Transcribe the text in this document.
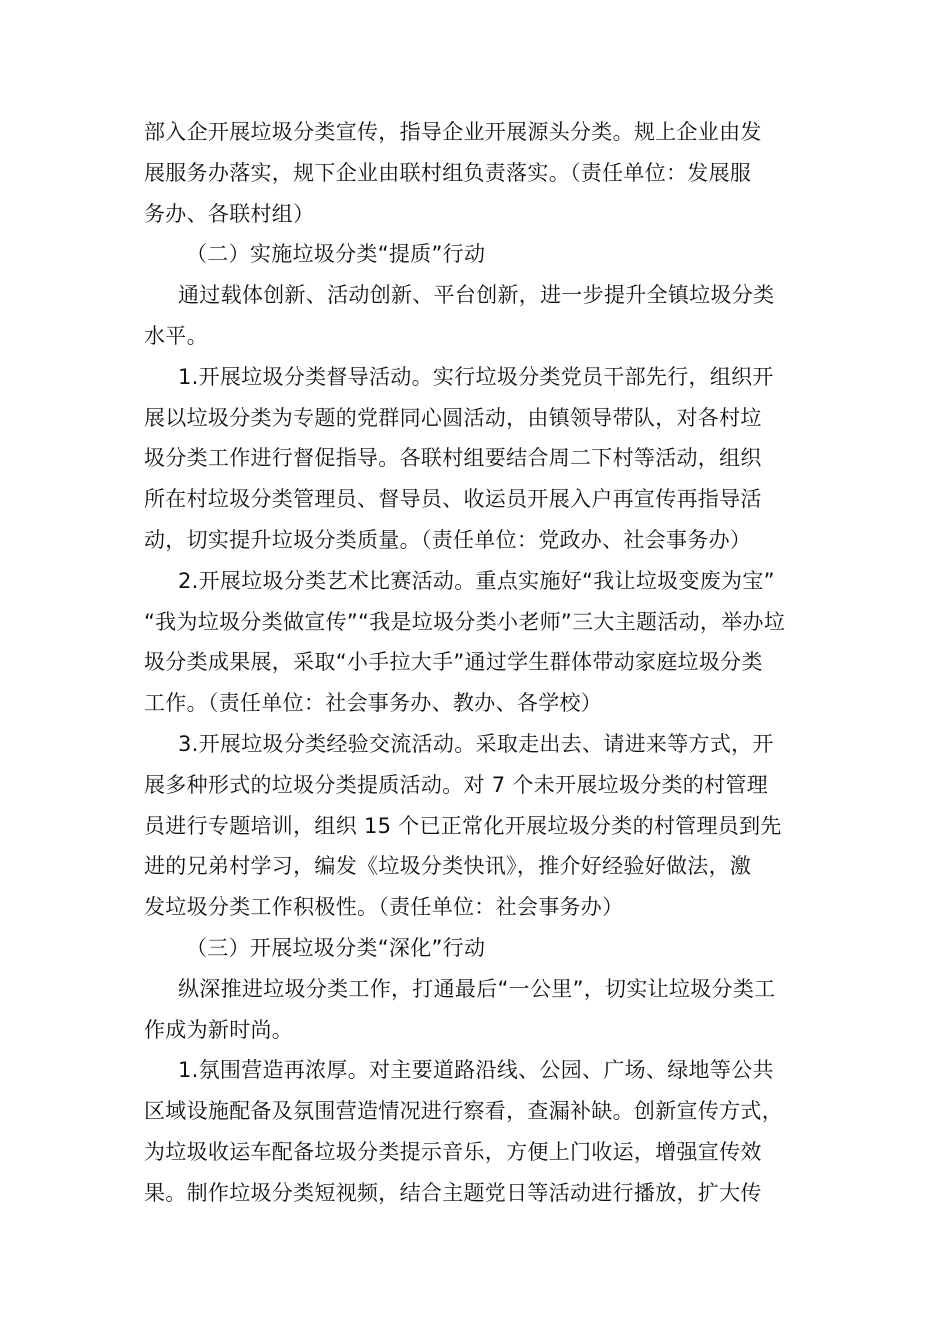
部入企开展垃圾分类宣传，指导企业开展源头分类。规上企业由发
展服务办落实，规下企业由联村组负责落实。（责任单位：发展服
务办、各联村组）
（二）实施垃圾分类“提质”行动
通过载体创新、活动创新、平台创新，进一步提升全镇垃圾分类
水平。
1.开展垃圾分类督导活动。实行垃圾分类党员干部先行，组织开
展以垃圾分类为专题的党群同心圆活动，由镇领导带队，对各村垃
圾分类工作进行督促指导。各联村组要结合周二下村等活动，组织
所在村垃圾分类管理员、督导员、收运员开展入户再宣传再指导活
动，切实提升垃圾分类质量。（责任单位：党政办、社会事务办）
2.开展垃圾分类艺术比赛活动。重点实施好“我让垃圾变废为宝”
“我为垃圾分类做宣传”“我是垃圾分类小老师”三大主题活动，举办垃
圾分类成果展，采取“小手拉大手”通过学生群体带动家庭垃圾分类
工作。（责任单位：社会事务办、教办、各学校）
3.开展垃圾分类经验交流活动。采取走出去、请进来等方式，开
展多种形式的垃圾分类提质活动。对 7 个未开展垃圾分类的村管理
员进行专题培训，组织 15 个已正常化开展垃圾分类的村管理员到先
进的兄弟村学习，编发《垃圾分类快讯》，推介好经验好做法，激
发垃圾分类工作积极性。（责任单位：社会事务办）
（三）开展垃圾分类“深化”行动
纵深推进垃圾分类工作，打通最后“一公里”，切实让垃圾分类工
作成为新时尚。
1.氛围营造再浓厚。对主要道路沿线、公园、广场、绿地等公共
区域设施配备及氛围营造情况进行察看，查漏补缺。创新宣传方式，
为垃圾收运车配备垃圾分类提示音乐，方便上门收运，增强宣传效
果。制作垃圾分类短视频，结合主题党日等活动进行播放，扩大传
